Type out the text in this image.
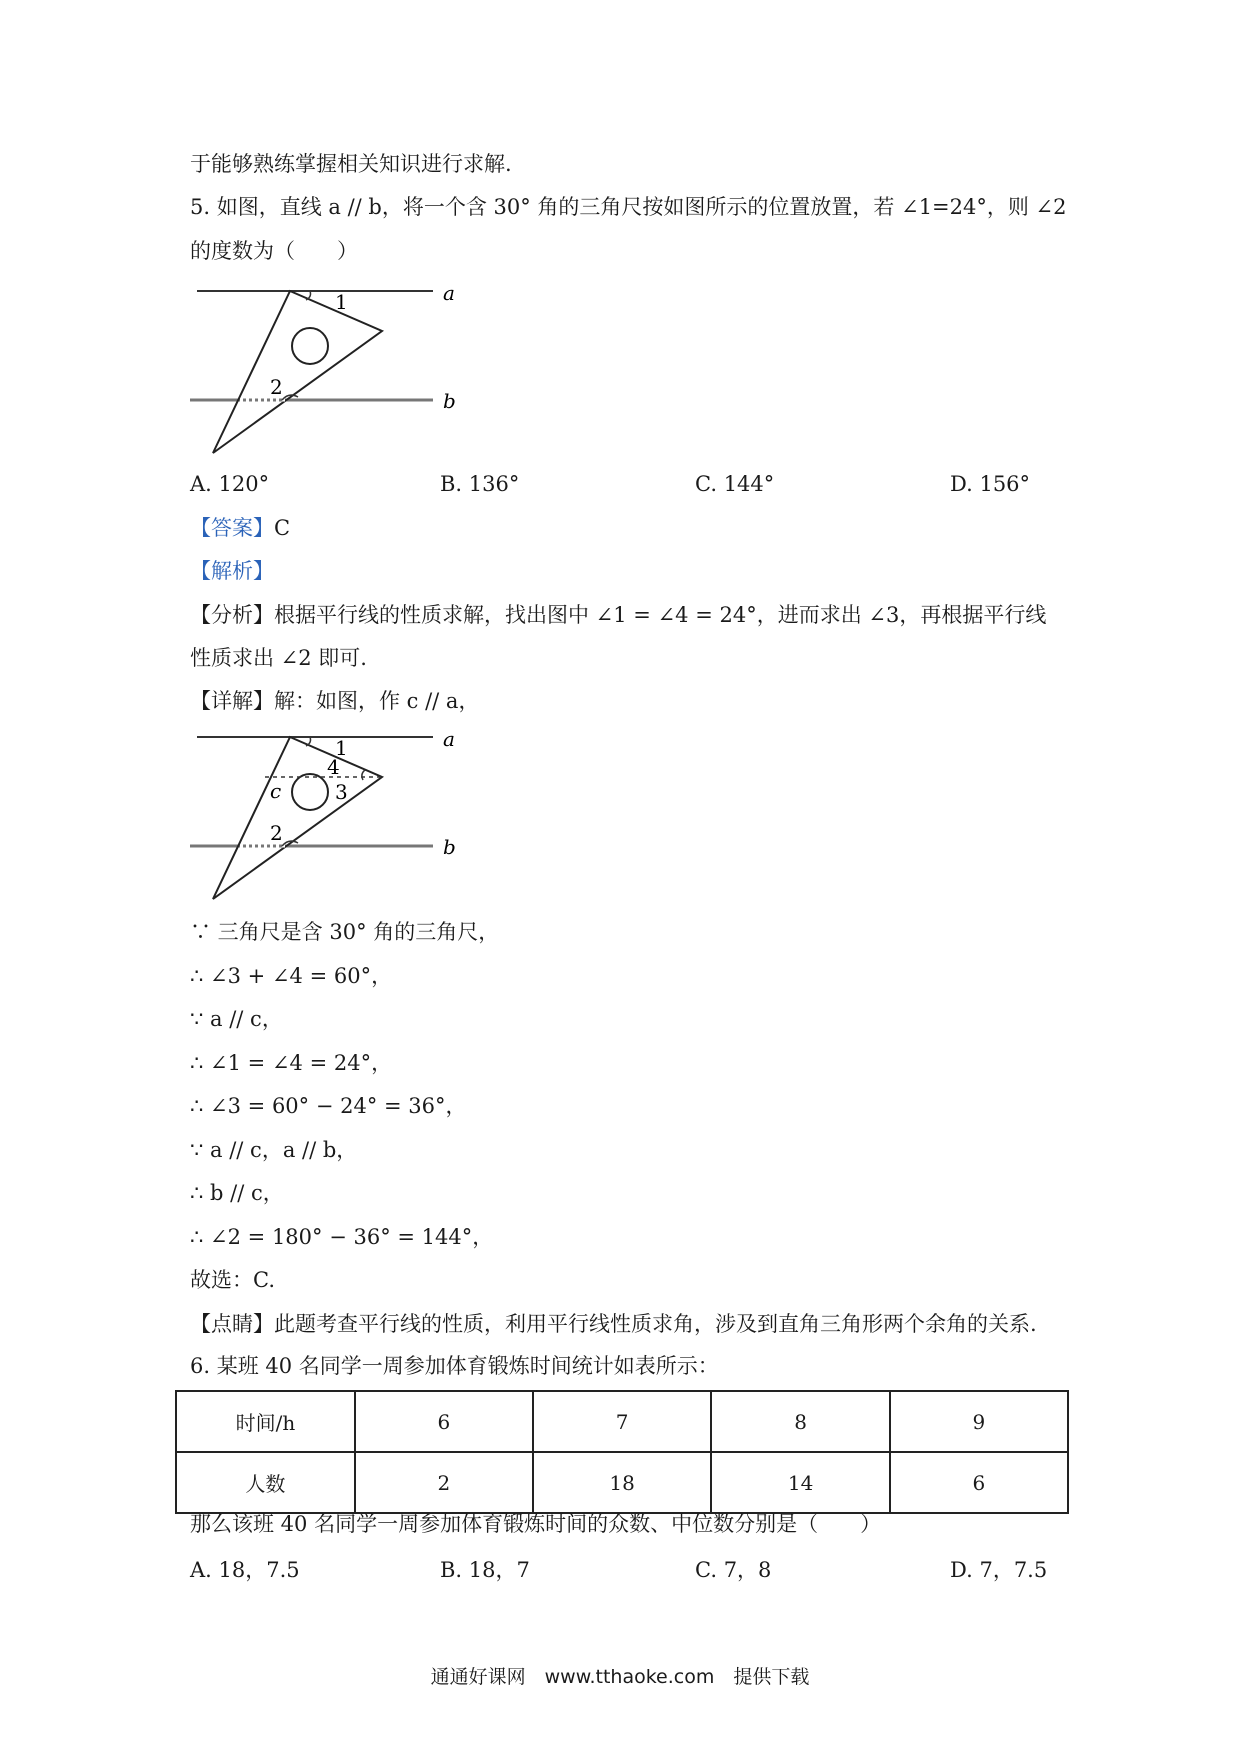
于能够熟练掌握相关知识进行求解.
5. 如图，直线 a // b，将一个含 30° 角的三角尺按如图所示的位置放置，若 ∠1=24°，则 ∠2
的度数为（　　）
1
2
a
b
A. 120°	B. 136°	C. 144°	D. 156°
【答案】C
【解析】
【分析】根据平行线的性质求解，找出图中 ∠1 = ∠4 = 24°，进而求出 ∠3，再根据平行线
性质求出 ∠2 即可.
【详解】解：如图，作 c // a，
1
4
3
c
2
a
b
∵ 三角尺是含 30° 角的三角尺，
∴ ∠3 + ∠4 = 60°，
∵ a // c，
∴ ∠1 = ∠4 = 24°，
∴ ∠3 = 60° − 24° = 36°，
∵ a // c，a // b，
∴ b // c，
∴ ∠2 = 180° − 36° = 144°，
故选：C.
【点睛】此题考查平行线的性质，利用平行线性质求角，涉及到直角三角形两个余角的关系.
6. 某班 40 名同学一周参加体育锻炼时间统计如表所示：
时间/h	6	7	8	9
人数	2	18	14	6
那么该班 40 名同学一周参加体育锻炼时间的众数、中位数分别是（　　）
A. 18，7.5	B. 18，7	C. 7，8	D. 7，7.5
通通好课网　www.tthaoke.com　提供下载
